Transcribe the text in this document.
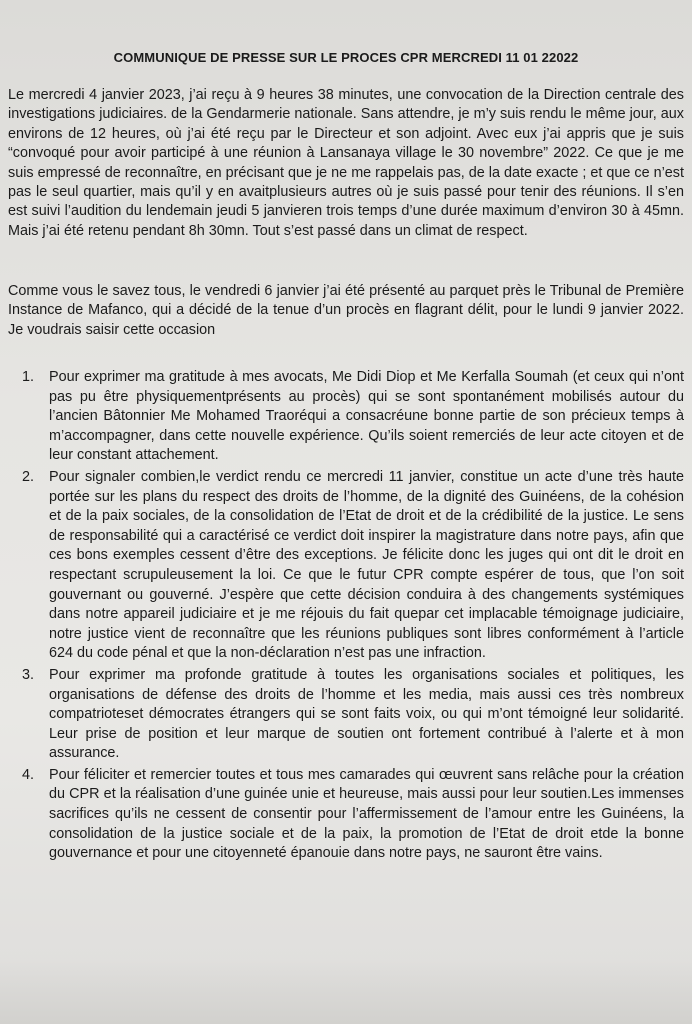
COMMUNIQUE DE PRESSE SUR LE PROCES CPR MERCREDI 11 01 22022

Le mercredi 4 janvier 2023, j’ai reçu à 9 heures 38 minutes, une convocation de la Direction centrale des investigations judiciaires. de la Gendarmerie nationale. Sans attendre, je m’y suis rendu le même jour, aux environs de 12 heures, où j’ai été reçu par le Directeur et son adjoint. Avec eux j’ai appris que je suis “convoqué pour avoir participé à une réunion à Lansanaya village le 30 novembre” 2022. Ce que je me suis empressé de reconnaître, en précisant que je ne me rappelais pas, de la date exacte ; et que ce n’est pas le seul quartier, mais qu’il y en avaitplusieurs autres où je suis passé pour tenir des réunions. Il s’en est suivi l’audition du lendemain jeudi 5 janvieren trois temps d’une durée maximum d’environ 30 à 45mn. Mais j’ai été retenu pendant 8h 30mn. Tout s’est passé dans un climat de respect.

Comme vous le savez tous, le vendredi 6 janvier j’ai été présenté au parquet près le Tribunal de Première Instance de Mafanco, qui a décidé de la tenue d’un procès en flagrant délit, pour le lundi 9 janvier 2022. Je voudrais saisir cette occasion

1. Pour exprimer ma gratitude à mes avocats, Me Didi Diop et Me Kerfalla Soumah (et ceux qui n’ont pas pu être physiquementprésents au procès) qui se sont spontanément mobilisés autour du l’ancien Bâtonnier Me Mohamed Traoréqui a consacréune bonne partie de son précieux temps à m’accompagner, dans cette nouvelle expérience. Qu’ils soient remerciés de leur acte citoyen et de leur constant attachement.
2. Pour signaler combien,le verdict rendu ce mercredi 11 janvier, constitue un acte d’une très haute portée sur les plans du respect des droits de l’homme, de la dignité des Guinéens, de la cohésion et de la paix sociales, de la consolidation de l’Etat de droit et de la crédibilité de la justice. Le sens de responsabilité qui a caractérisé ce verdict doit inspirer la magistrature dans notre pays, afin que ces bons exemples cessent d’être des exceptions. Je félicite donc les juges qui ont dit le droit en respectant scrupuleusement la loi. Ce que le futur CPR compte espérer de tous, que l’on soit gouvernant ou gouverné. J’espère que cette décision conduira à des changements systémiques dans notre appareil judiciaire et je me réjouis du fait quepar cet implacable témoignage judiciaire, notre justice vient de reconnaître que les réunions publiques sont libres conformément à l’article 624 du code pénal et que la non-déclaration n’est pas une infraction.
3. Pour exprimer ma profonde gratitude à toutes les organisations sociales et politiques, les organisations de défense des droits de l’homme et les media, mais aussi ces très nombreux compatrioteset démocrates étrangers qui se sont faits voix, ou qui m’ont témoigné leur solidarité. Leur prise de position et leur marque de soutien ont fortement contribué à l’alerte et à mon assurance.
4. Pour féliciter et remercier toutes et tous mes camarades qui œuvrent sans relâche pour la création du CPR et la réalisation d’une guinée unie et heureuse, mais aussi pour leur soutien.Les immenses sacrifices qu’ils ne cessent de consentir pour l’affermissement de l’amour entre les Guinéens, la consolidation de la justice sociale et de la paix, la promotion de l’Etat de droit etde la bonne gouvernance et pour une citoyenneté épanouie dans notre pays, ne sauront être vains.
